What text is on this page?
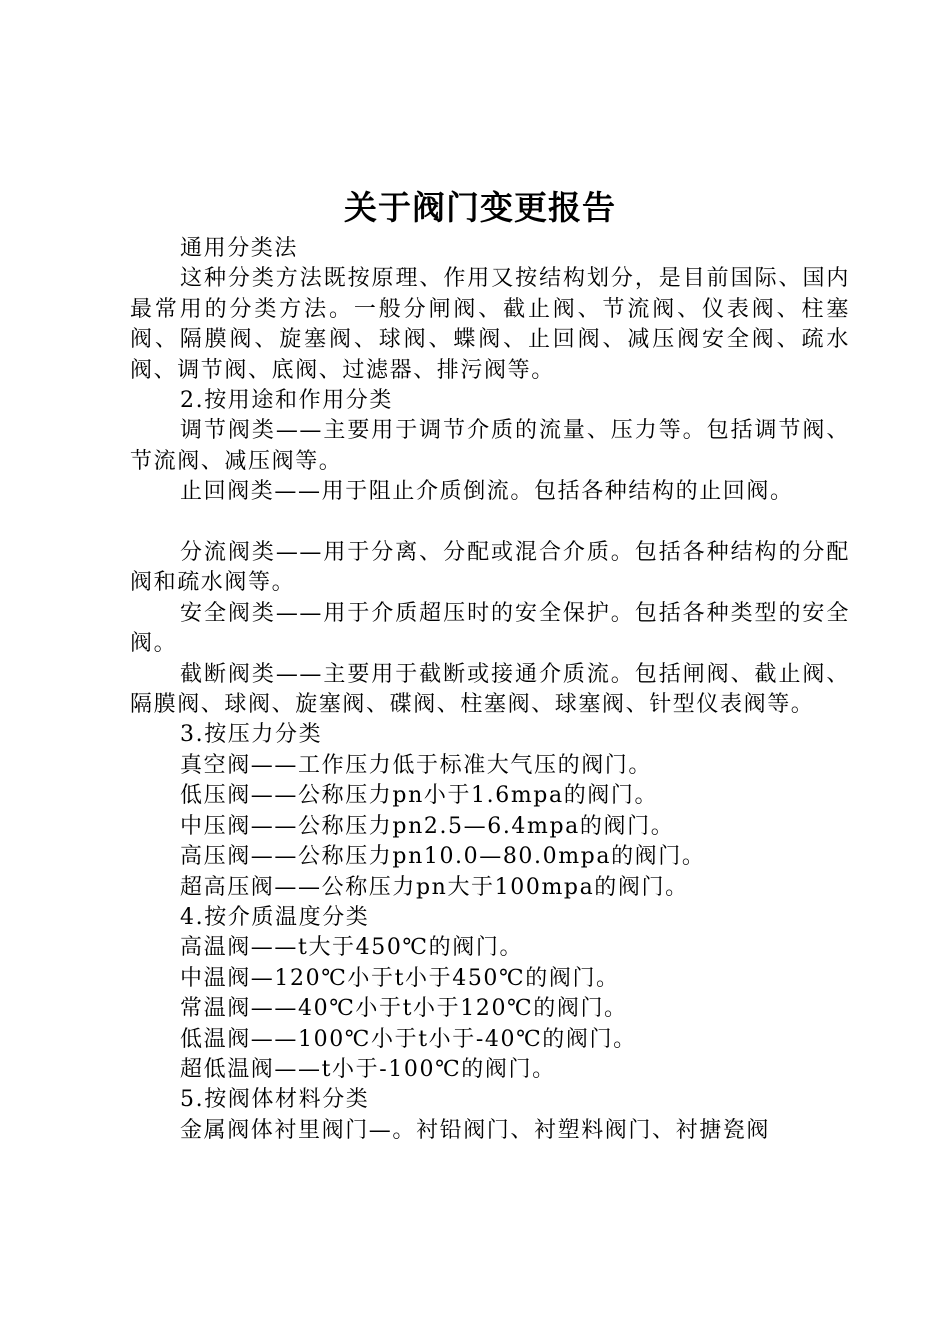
关于阀门变更报告

通用分类法

这种分类方法既按原理、作用又按结构划分，是目前国际、国内最常用的分类方法。一般分闸阀、截止阀、节流阀、仪表阀、柱塞阀、隔膜阀、旋塞阀、球阀、蝶阀、止回阀、减压阀安全阀、疏水阀、调节阀、底阀、过滤器、排污阀等。

2.按用途和作用分类

调节阀类——主要用于调节介质的流量、压力等。包括调节阀、节流阀、减压阀等。

止回阀类——用于阻止介质倒流。包括各种结构的止回阀。

分流阀类——用于分离、分配或混合介质。包括各种结构的分配阀和疏水阀等。

安全阀类——用于介质超压时的安全保护。包括各种类型的安全阀。

截断阀类——主要用于截断或接通介质流。包括闸阀、截止阀、隔膜阀、球阀、旋塞阀、碟阀、柱塞阀、球塞阀、针型仪表阀等。

3.按压力分类

真空阀——工作压力低于标准大气压的阀门。

低压阀——公称压力pn小于1.6mpa的阀门。

中压阀——公称压力pn2.5—6.4mpa的阀门。

高压阀——公称压力pn10.0—80.0mpa的阀门。

超高压阀——公称压力pn大于100mpa的阀门。

4.按介质温度分类

高温阀——t大于450℃的阀门。

中温阀—120℃小于t小于450℃的阀门。

常温阀——40℃小于t小于120℃的阀门。

低温阀——100℃小于t小于-40℃的阀门。

超低温阀——t小于-100℃的阀门。

5.按阀体材料分类

金属阀体衬里阀门—。衬铅阀门、衬塑料阀门、衬搪瓷阀
